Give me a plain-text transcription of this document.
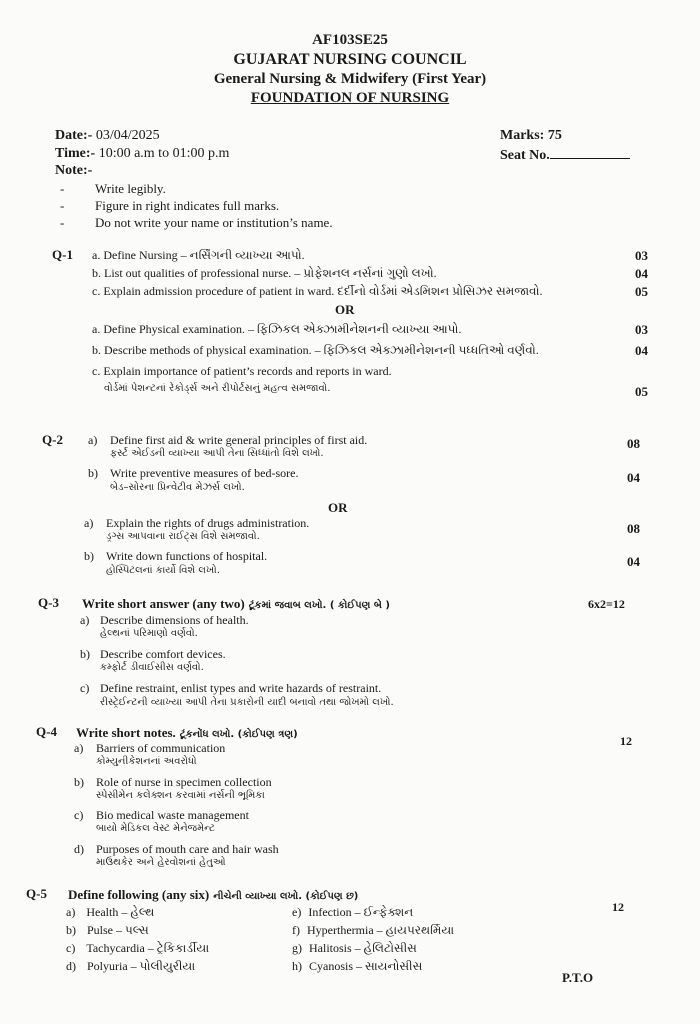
AF103SE25
GUJARAT NURSING COUNCIL
General Nursing & Midwifery (First Year)
FOUNDATION OF NURSING
Date:- 03/04/2025
Time:- 10:00 a.m to 01:00 p.m
Note:-
Marks: 75
Seat No.
- Write legibly.
- Figure in right indicates full marks.
- Do not write your name or institution’s name.
Q-1 a. Define Nursing – નર્સિંગની વ્યાખ્યા આપો.	03
b. List out qualities of professional nurse. – પ્રોફેશનલ નર્સનાં ગુણો લખો.	04
c. Explain admission procedure of patient in ward. દર્દીનો વોર્ડમાં એડમિશન પ્રોસિઝર સમજાવો.	05
OR
a. Define Physical examination. – ફિઝિકલ એક્ઝામીનેશનની વ્યાખ્યા આપો.	03
b. Describe methods of physical examination. – ફિઝિકલ એક્ઝામીનેશનની પધ્ધતિઓ વર્ણવો.	04
c. Explain importance of patient’s records and reports in ward.
વોર્ડમાં પેશન્ટનાં રેકોર્ડ્સ અને રીપોર્ટસનું મહત્વ સમજાવો.	05
Q-2 a) Define first aid & write general principles of first aid.
ફર્સ્ટ એઈડની વ્યાખ્યા આપી તેના સિધ્ધાંતો વિશે લખો.
08
b) Write preventive measures of bed-sore.
બેડ–સોરના પ્રિન્વેટીવ મેઝર્સ લખો.
04
OR
a) Explain the rights of drugs administration.
ડ્રગ્સ આપવાના રાઈટ્સ વિશે સમજાવો.
08
b) Write down functions of hospital.
હોસ્પિટલનાં કાર્યો વિશે લખો.
04
Q-3 Write short answer (any two) ટૂંકમાં જવાબ લખો. ( કોઈપણ બે )	6x2=12
a) Describe dimensions of health.
હેલ્થનાં પરિમાણો વર્ણવો.
b) Describe comfort devices.
કમ્ફોર્ટ ડીવાઈસીસ વર્ણવો.
c) Define restraint, enlist types and write hazards of restraint.
રીસ્ટ્રેઈન્ટની વ્યાખ્યા આપી તેના પ્રકારોની યાદી બનાવો તથા જોખમો લખો.
Q-4 Write short notes. ટૂંકનોંધ લખો. (કોઈપણ ત્રણ)	12
a) Barriers of communication
કોમ્યુનીકેશનનાં અવરોધો
b) Role of nurse in specimen collection
સ્પેસીમેન કલેક્શન કરવામાં નર્સની ભૂમિકા
c) Bio medical waste management
બાયો મેડિકલ વેસ્ટ મેનેજમેન્ટ
d) Purposes of mouth care and hair wash
માઉથકેર અને હેરવોશનાં હેતુઓ
Q-5 Define following (any six) નીચેની વ્યાખ્યા લખો. (કોઈપણ છ)
12
a) Health – હેલ્થ
b) Pulse – પલ્સ
c) Tachycardia – ટ્રેકિકાર્ડીયા
d) Polyuria – પોલીયુરીયા
e) Infection – ઈન્ફેક્શન
f) Hyperthermia – હાયપરથર્મિયા
g) Halitosis – હેલિટોસીસ
h) Cyanosis – સાયનોસીસ
P.T.O
